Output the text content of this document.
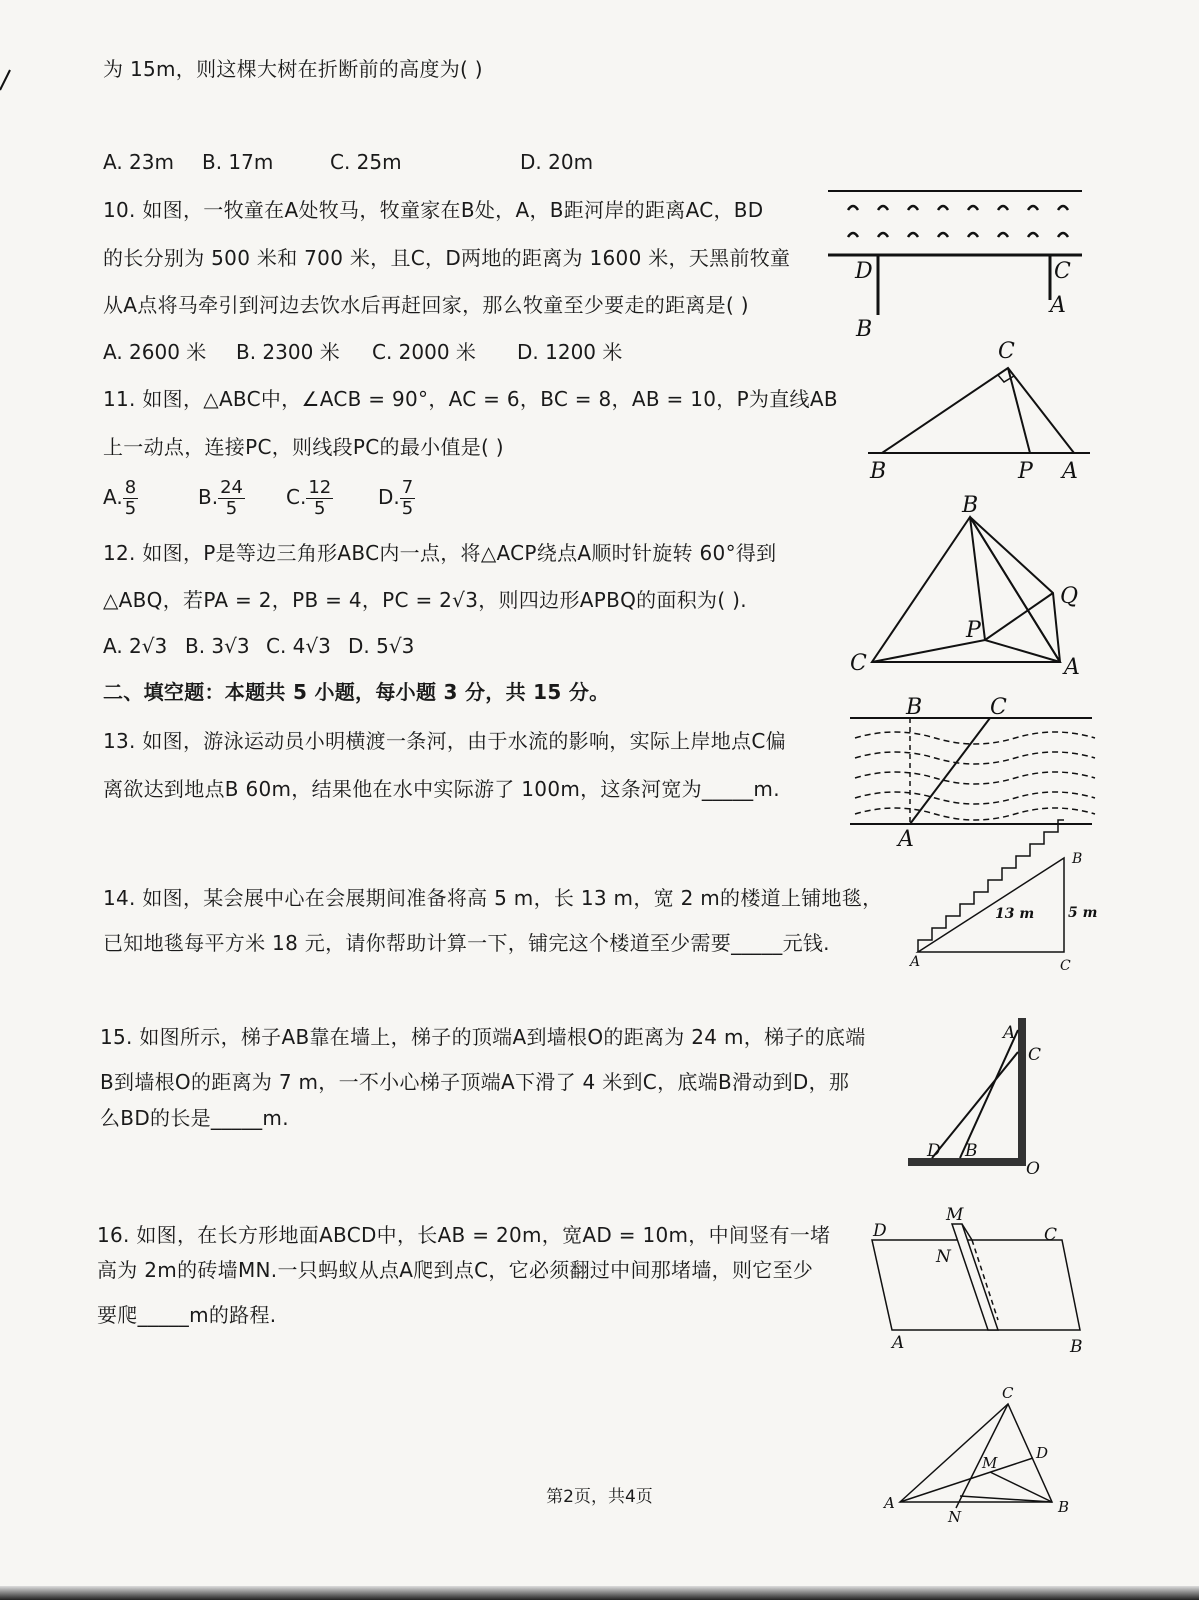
为 15m，则这棵大树在折断前的高度为( )
A. 23m B. 17m	C. 25m	D. 20m
10. 如图，一牧童在A处牧马，牧童家在B处，A，B距河岸的距离AC，BD
的长分别为 500 米和 700 米，且C，D两地的距离为 1600 米，天黑前牧童
从A点将马牵引到河边去饮水后再赶回家，那么牧童至少要走的距离是( )
A. 2600 米 B. 2300 米 C. 2000 米 D. 1200 米
11. 如图，△ABC中，∠ACB = 90°，AC = 6，BC = 8，AB = 10，P为直线AB
上一动点，连接PC，则线段PC的最小值是( )
A. $\frac{8}{5}$	B. $\frac{24}{5} C$. $\frac{12}{5} D$. $\frac{7}{5}$
12. 如图，P是等边三角形ABC内一点，将△ACP绕点A顺时针旋转 60°得到
△ABQ，若PA = 2，PB = 4，PC = 2√3，则四边形APBQ的面积为( ).
A. 2√3 B. 3√3 C. 4√3 D. 5√3
二、填空题：本题共 5 小题，每小题 3 分，共 15 分。
13. 如图，游泳运动员小明横渡一条河，由于水流的影响，实际上岸地点C偏
离欲达到地点B 60m，结果他在水中实际游了 100m，这条河宽为_____m.
14. 如图，某会展中心在会展期间准备将高 5 m，长 13 m，宽 2 m的楼道上铺地毯，
已知地毯每平方米 18 元，请你帮助计算一下，铺完这个楼道至少需要_____元钱.
15. 如图所示，梯子AB靠在墙上，梯子的顶端A到墙根O的距离为 24 m，梯子的底端
B到墙根O的距离为 7 m，一不小心梯子顶端A下滑了 4 米到C，底端B滑动到D，那
么BD的长是_____m.
16. 如图，在长方形地面ABCD中，长AB = 20m，宽AD = 10m，中间竖有一堵
高为 2m的砖墙MN.一只蚂蚁从点A爬到点C，它必须翻过中间那堵墙，则它至少
要爬_____m的路程.
D	C
A
B
C
B	P A
B
Q
P
C	A
B	C
A
13 m 5 m
B
A	C
A
C
D B
O
D
M
C
N
A	B
C
M
D
A
N
B
第2页，共4页
